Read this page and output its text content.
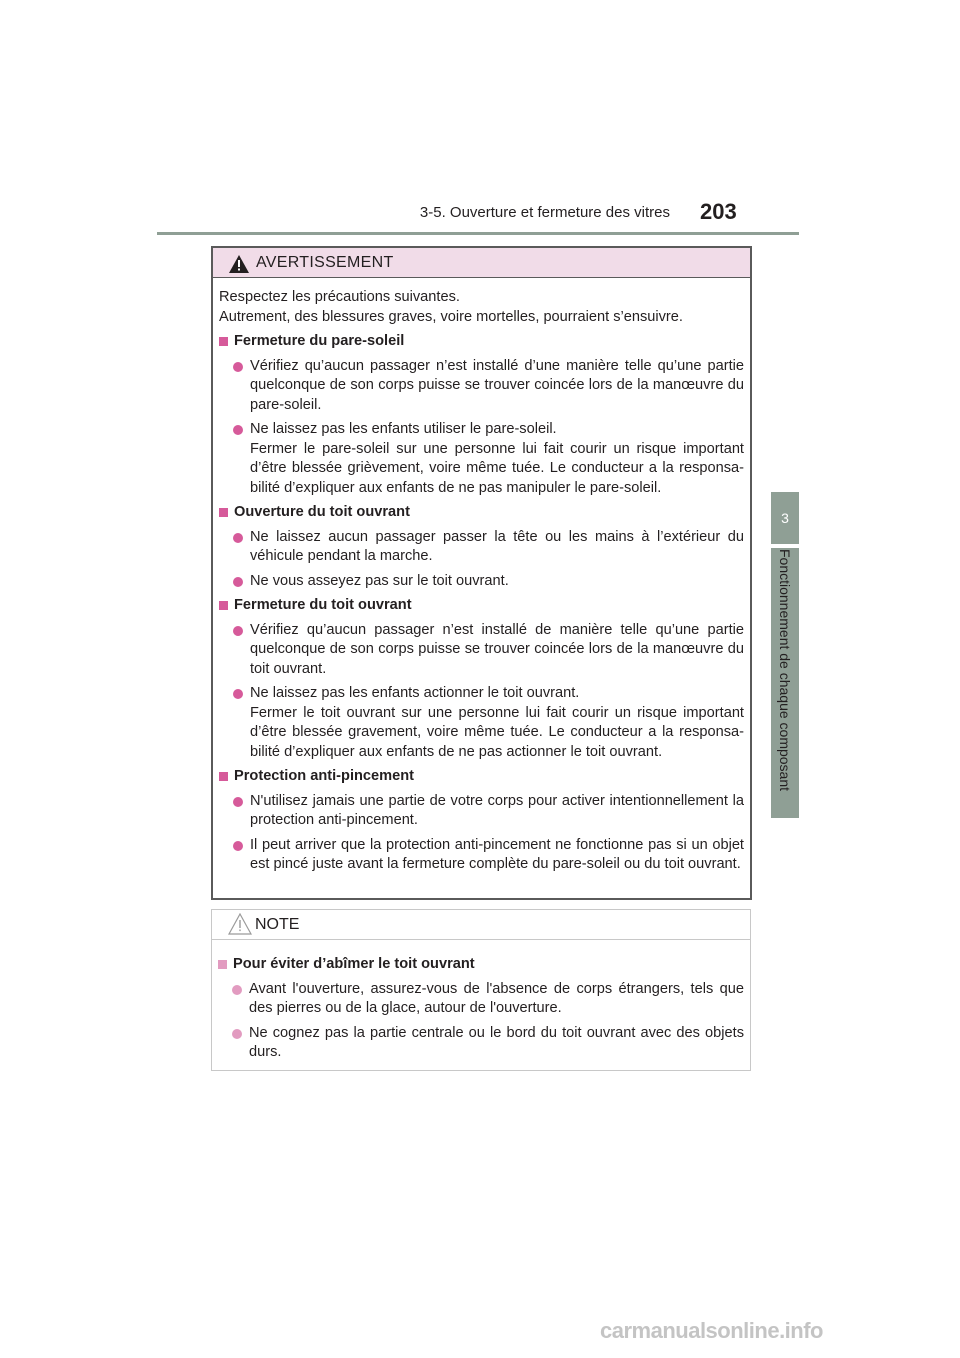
3-5. Ouverture et fermeture des vitres 203
3
Fonctionnement de chaque composant
AVERTISSEMENT
Respectez les précautions suivantes.
Autrement, des blessures graves, voire mortelles, pourraient s’ensuivre.
Fermeture du pare-soleil
Vérifiez qu’aucun passager n’est installé d’une manière telle qu’une partie quelconque de son corps puisse se trouver coincée lors de la manœuvre du pare-soleil.
Ne laissez pas les enfants utiliser le pare-soleil.
Fermer le pare-soleil sur une personne lui fait courir un risque important d’être blessée grièvement, voire même tuée. Le conducteur a la responsa-bilité d’expliquer aux enfants de ne pas manipuler le pare-soleil.
Ouverture du toit ouvrant
Ne laissez aucun passager passer la tête ou les mains à l’extérieur du véhicule pendant la marche.
Ne vous asseyez pas sur le toit ouvrant.
Fermeture du toit ouvrant
Vérifiez qu’aucun passager n’est installé de manière telle qu’une partie quelconque de son corps puisse se trouver coincée lors de la manœuvre du toit ouvrant.
Ne laissez pas les enfants actionner le toit ouvrant.
Fermer le toit ouvrant sur une personne lui fait courir un risque important d’être blessée gravement, voire même tuée. Le conducteur a la responsa-bilité d’expliquer aux enfants de ne pas actionner le toit ouvrant.
Protection anti-pincement
N'utilisez jamais une partie de votre corps pour activer intentionnellement la protection anti-pincement.
Il peut arriver que la protection anti-pincement ne fonctionne pas si un objet est pincé juste avant la fermeture complète du pare-soleil ou du toit ouvrant.
NOTE
Pour éviter d’abîmer le toit ouvrant
Avant l'ouverture, assurez-vous de l'absence de corps étrangers, tels que des pierres ou de la glace, autour de l'ouverture.
Ne cognez pas la partie centrale ou le bord du toit ouvrant avec des objets durs.
carmanualsonline.info
